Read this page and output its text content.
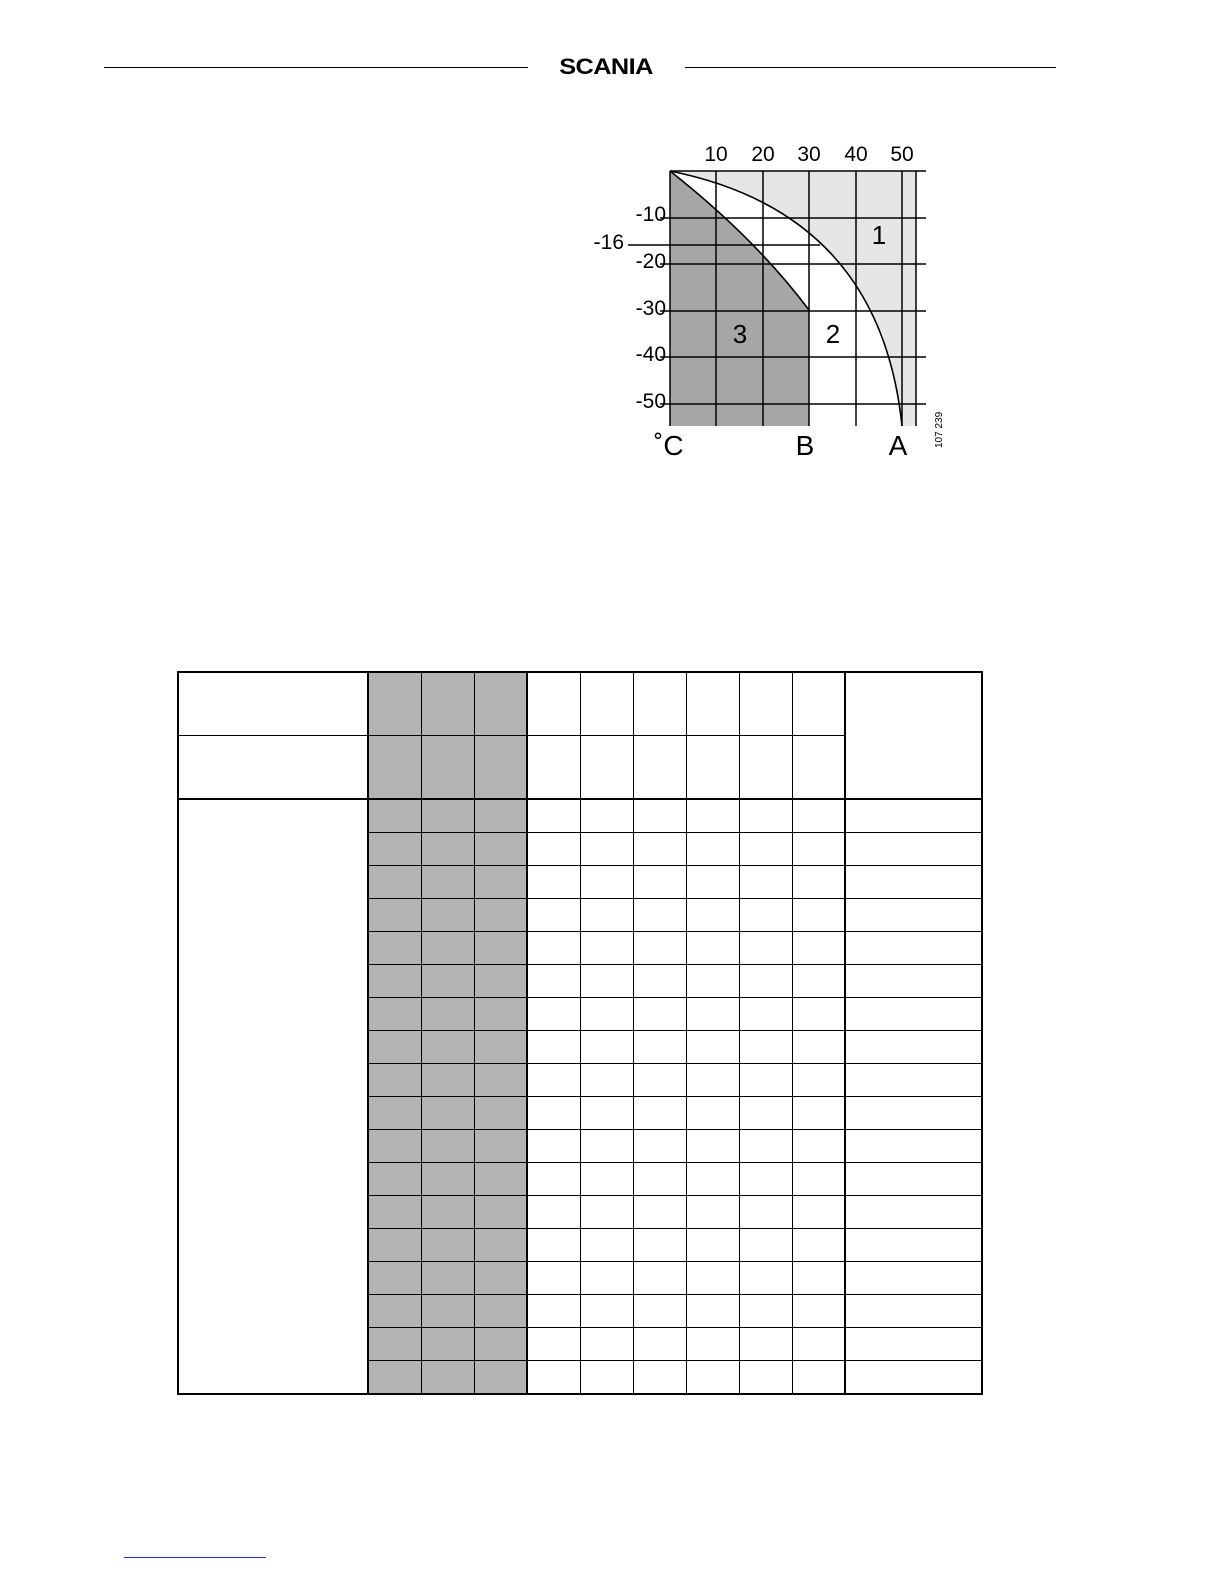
SCANIA
10 20 30 40 50
-10
-20
-30
-40
-50
-16	1
2
3
˚C	B	A	107 239
